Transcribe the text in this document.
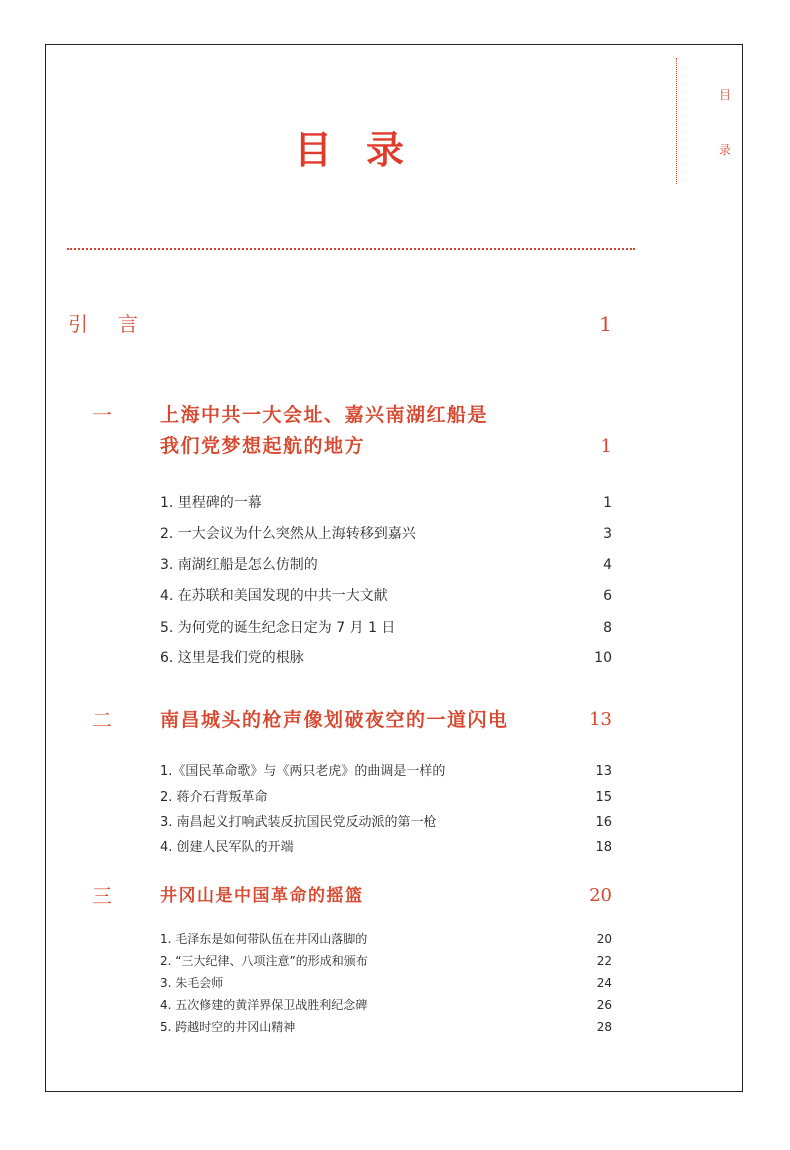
目
录
目录
引言	1
一	上海中共一大会址、嘉兴南湖红船是
我们党梦想起航的地方	1
1. 里程碑的一幕	1
2. 一大会议为什么突然从上海转移到嘉兴	3
3. 南湖红船是怎么仿制的	4
4. 在苏联和美国发现的中共一大文献	6
5. 为何党的诞生纪念日定为 7 月 1 日	8
6. 这里是我们党的根脉	10
二	南昌城头的枪声像划破夜空的一道闪电	13
1.《国民革命歌》与《两只老虎》的曲调是一样的	13
2. 蒋介石背叛革命	15
3. 南昌起义打响武装反抗国民党反动派的第一枪	16
4. 创建人民军队的开端	18
三	井冈山是中国革命的摇篮	20
1. 毛泽东是如何带队伍在井冈山落脚的	20
2. “三大纪律、八项注意”的形成和颁布	22
3. 朱毛会师	24
4. 五次修建的黄洋界保卫战胜利纪念碑	26
5. 跨越时空的井冈山精神	28
